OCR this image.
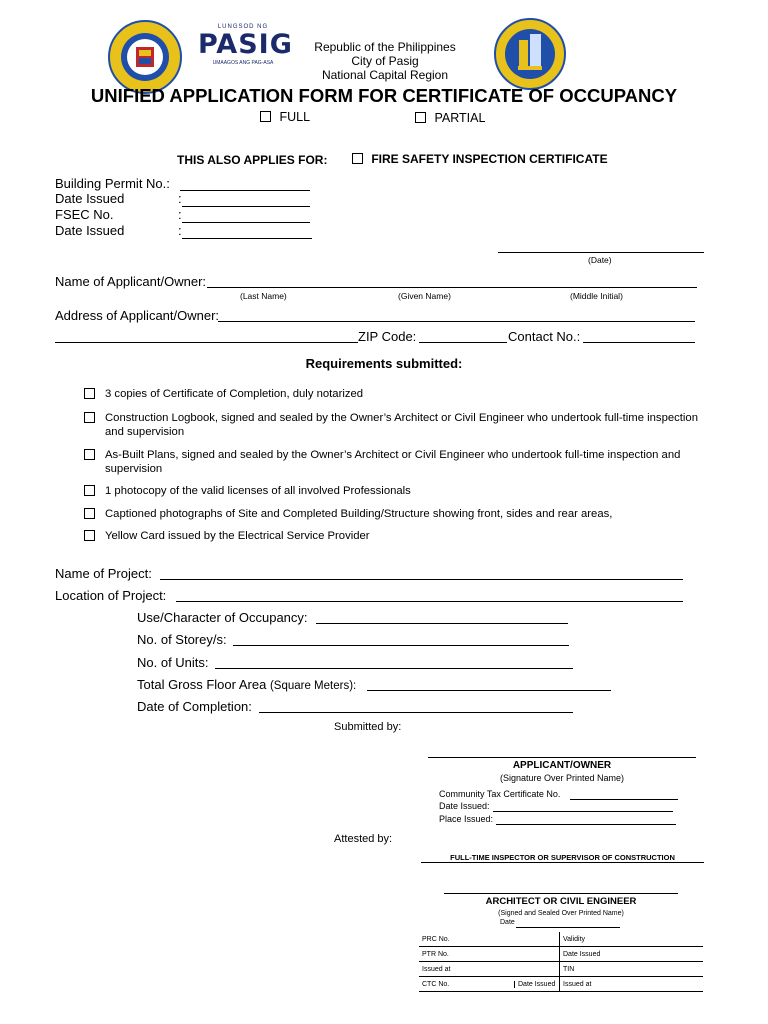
LUNGSOD NG
PASIG
UMAAGOS ANG PAG-ASA
Republic of the Philippines
City of Pasig
National Capital Region
UNIFIED APPLICATION FORM FOR CERTIFICATE OF OCCUPANCY
FULL	PARTIAL
THIS ALSO APPLIES FOR:	FIRE SAFETY INSPECTION CERTIFICATE
Building Permit No.:
Date Issued	:
FSEC No.	:
Date Issued	:
(Date)
Name of Applicant/Owner:
(Last Name)	(Given Name)	(Middle Initial)
Address of Applicant/Owner:
ZIP Code:	Contact No.:
Requirements submitted:
3 copies of Certificate of Completion, duly notarized
Construction Logbook, signed and sealed by the Owner’s Architect or Civil Engineer who undertook full-time inspection and supervision
As-Built Plans, signed and sealed by the Owner’s Architect or Civil Engineer who undertook full-time inspection and supervision
1 photocopy of the valid licenses of all involved Professionals
Captioned photographs of Site and Completed Building/Structure showing front, sides and rear areas,
Yellow Card issued by the Electrical Service Provider
Name of Project:
Location of Project:
Use/Character of Occupancy:
No. of Storey/s:
No. of Units:
Total Gross Floor Area (Square Meters):
Date of Completion:
Submitted by:
APPLICANT/OWNER
(Signature Over Printed Name)
Community Tax Certificate No.
Date Issued:
Place Issued:
Attested by:
FULL-TIME INSPECTOR OR SUPERVISOR OF CONSTRUCTION
ARCHITECT OR CIVIL ENGINEER
(Signed and Sealed Over Printed Name)
Date
PRC No.	Validity	
PTR No.	Date Issued	
Issued at	TIN	

CTC No. Date Issued	Issued at	
